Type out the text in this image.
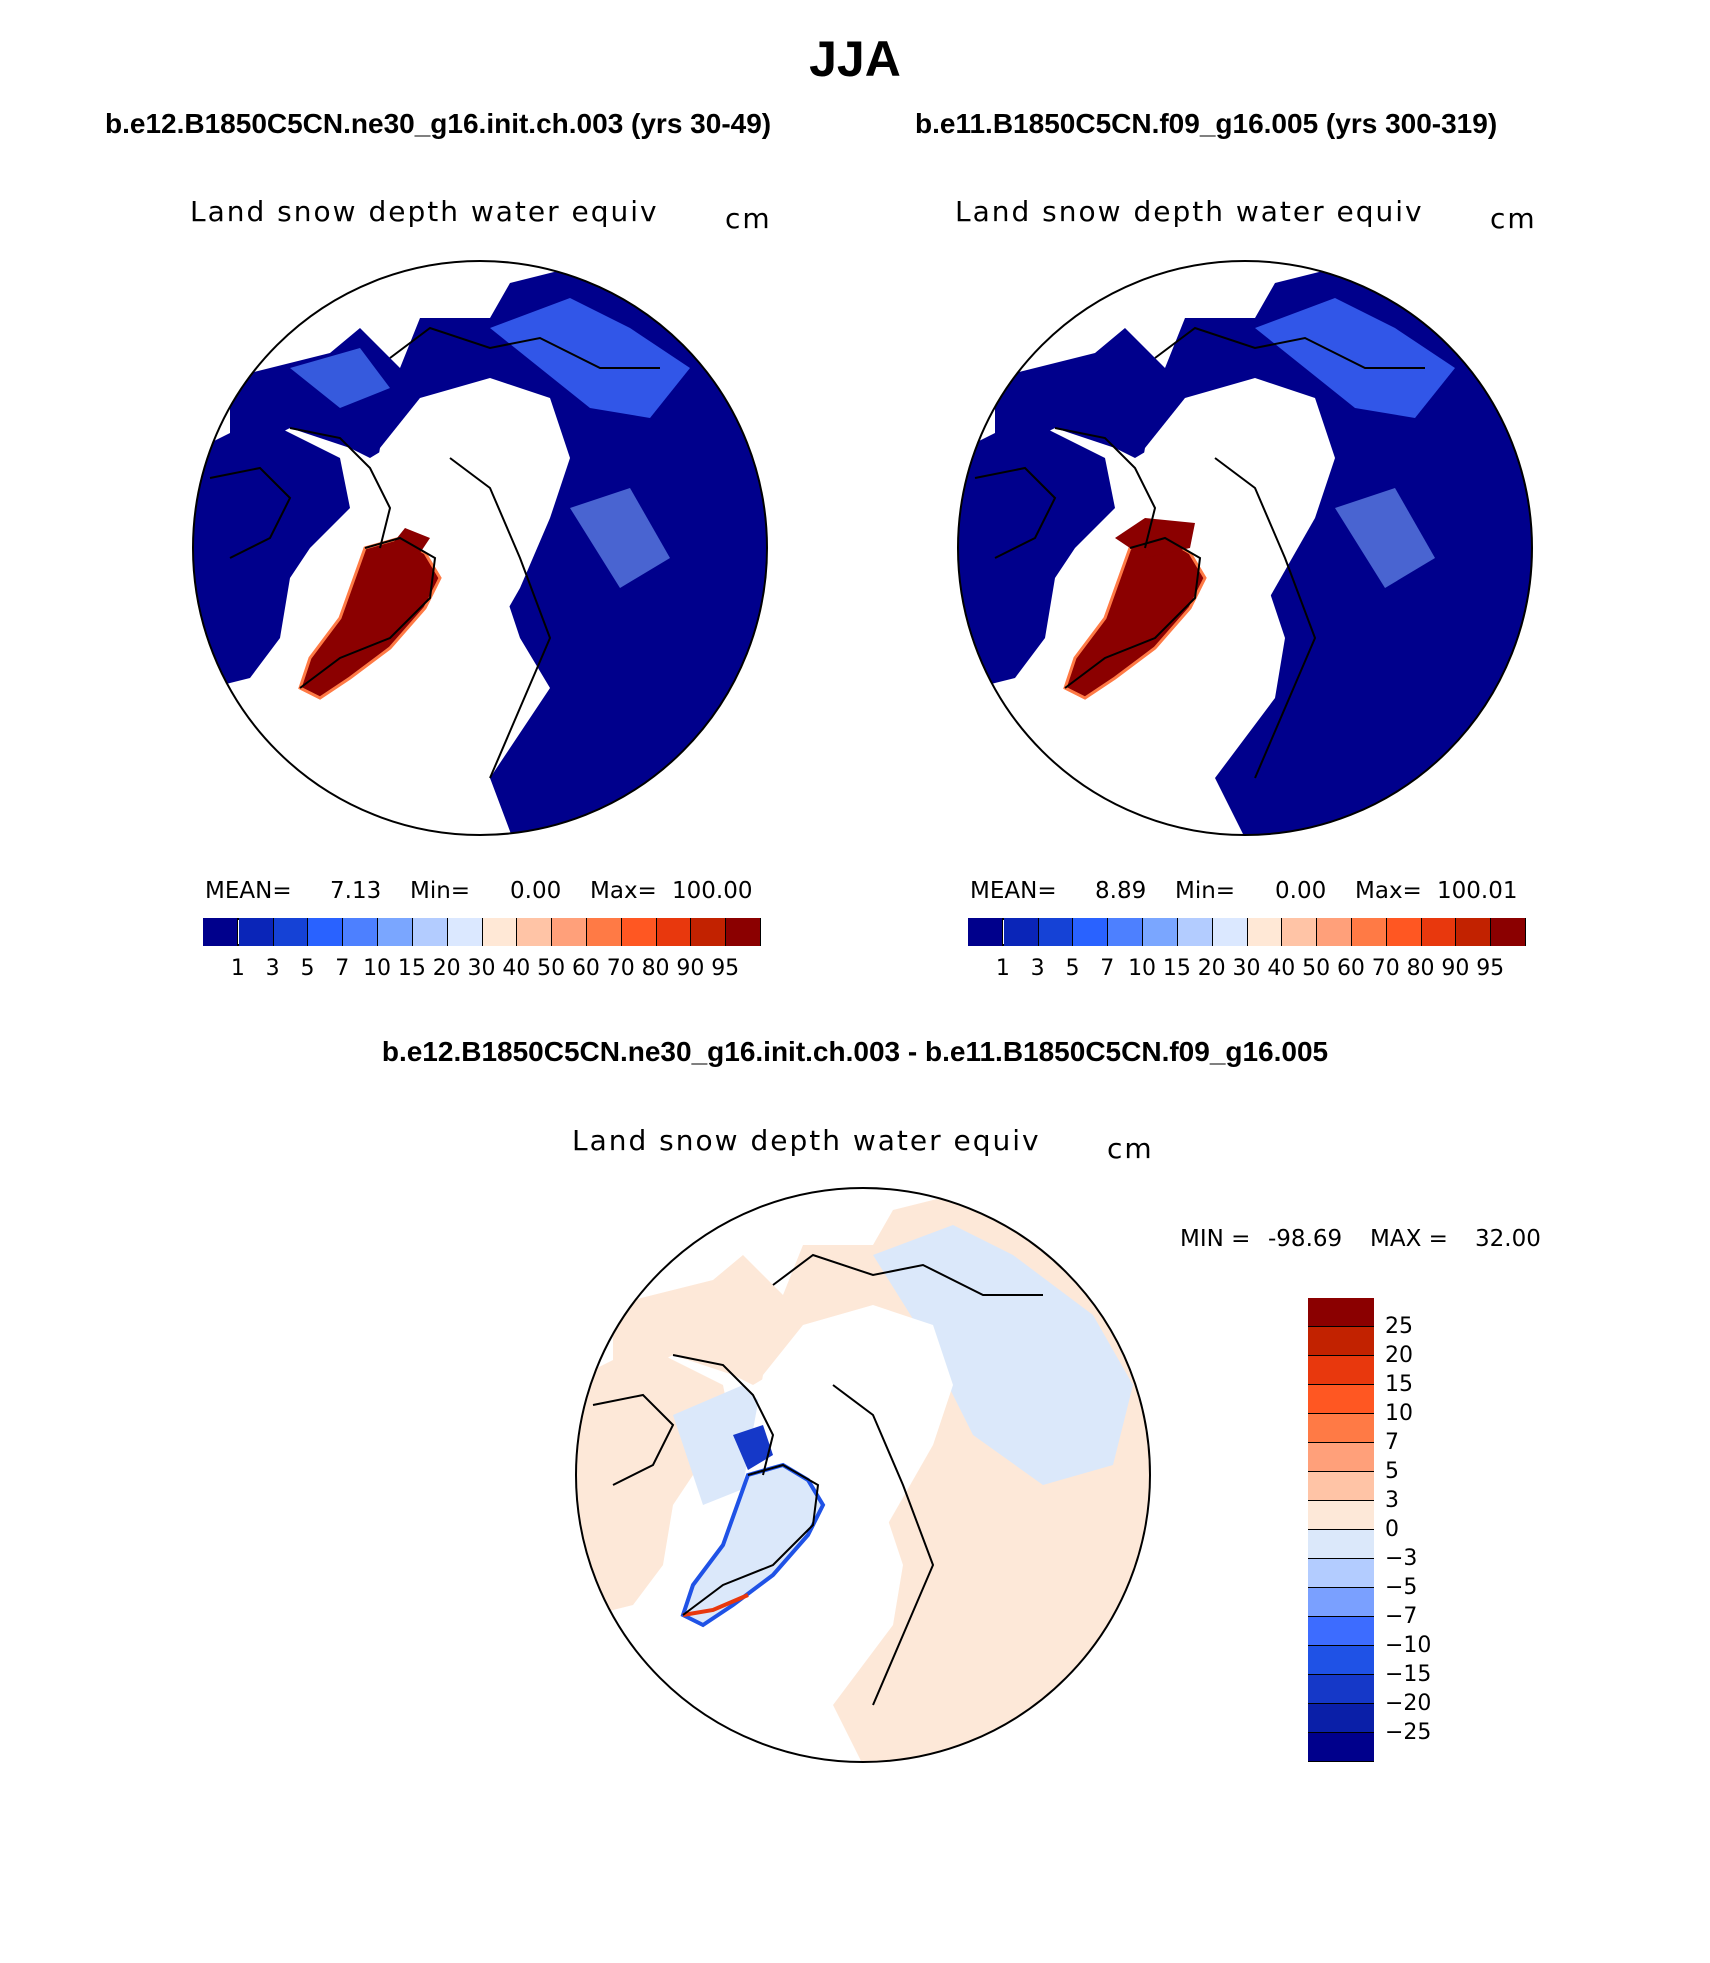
JJA
b.e12.B1850C5CN.ne30_g16.init.ch.003 (yrs 30-49)	b.e11.B1850C5CN.f09_g16.005 (yrs 300-319)
Land snow depth water equiv cm	Land snow depth water equiv cm
MEAN= 7.13 Min= 0.00 Max= 100.00	MEAN= 8.89 Min= 0.00 Max= 100.01
1 3 5 7 10 15 20 30 40 50 60 70 80 90 95	1 3 5 7 10 15 20 30 40 50 60 70 80 90 95
b.e12.B1850C5CN.ne30_g16.init.ch.003 - b.e11.B1850C5CN.f09_g16.005
Land snow depth water equiv cm
MIN = -98.69 MAX = 32.00
25
20
15
10
7
5
3
0
−3
−5
−7
−10
−15
−20
−25
